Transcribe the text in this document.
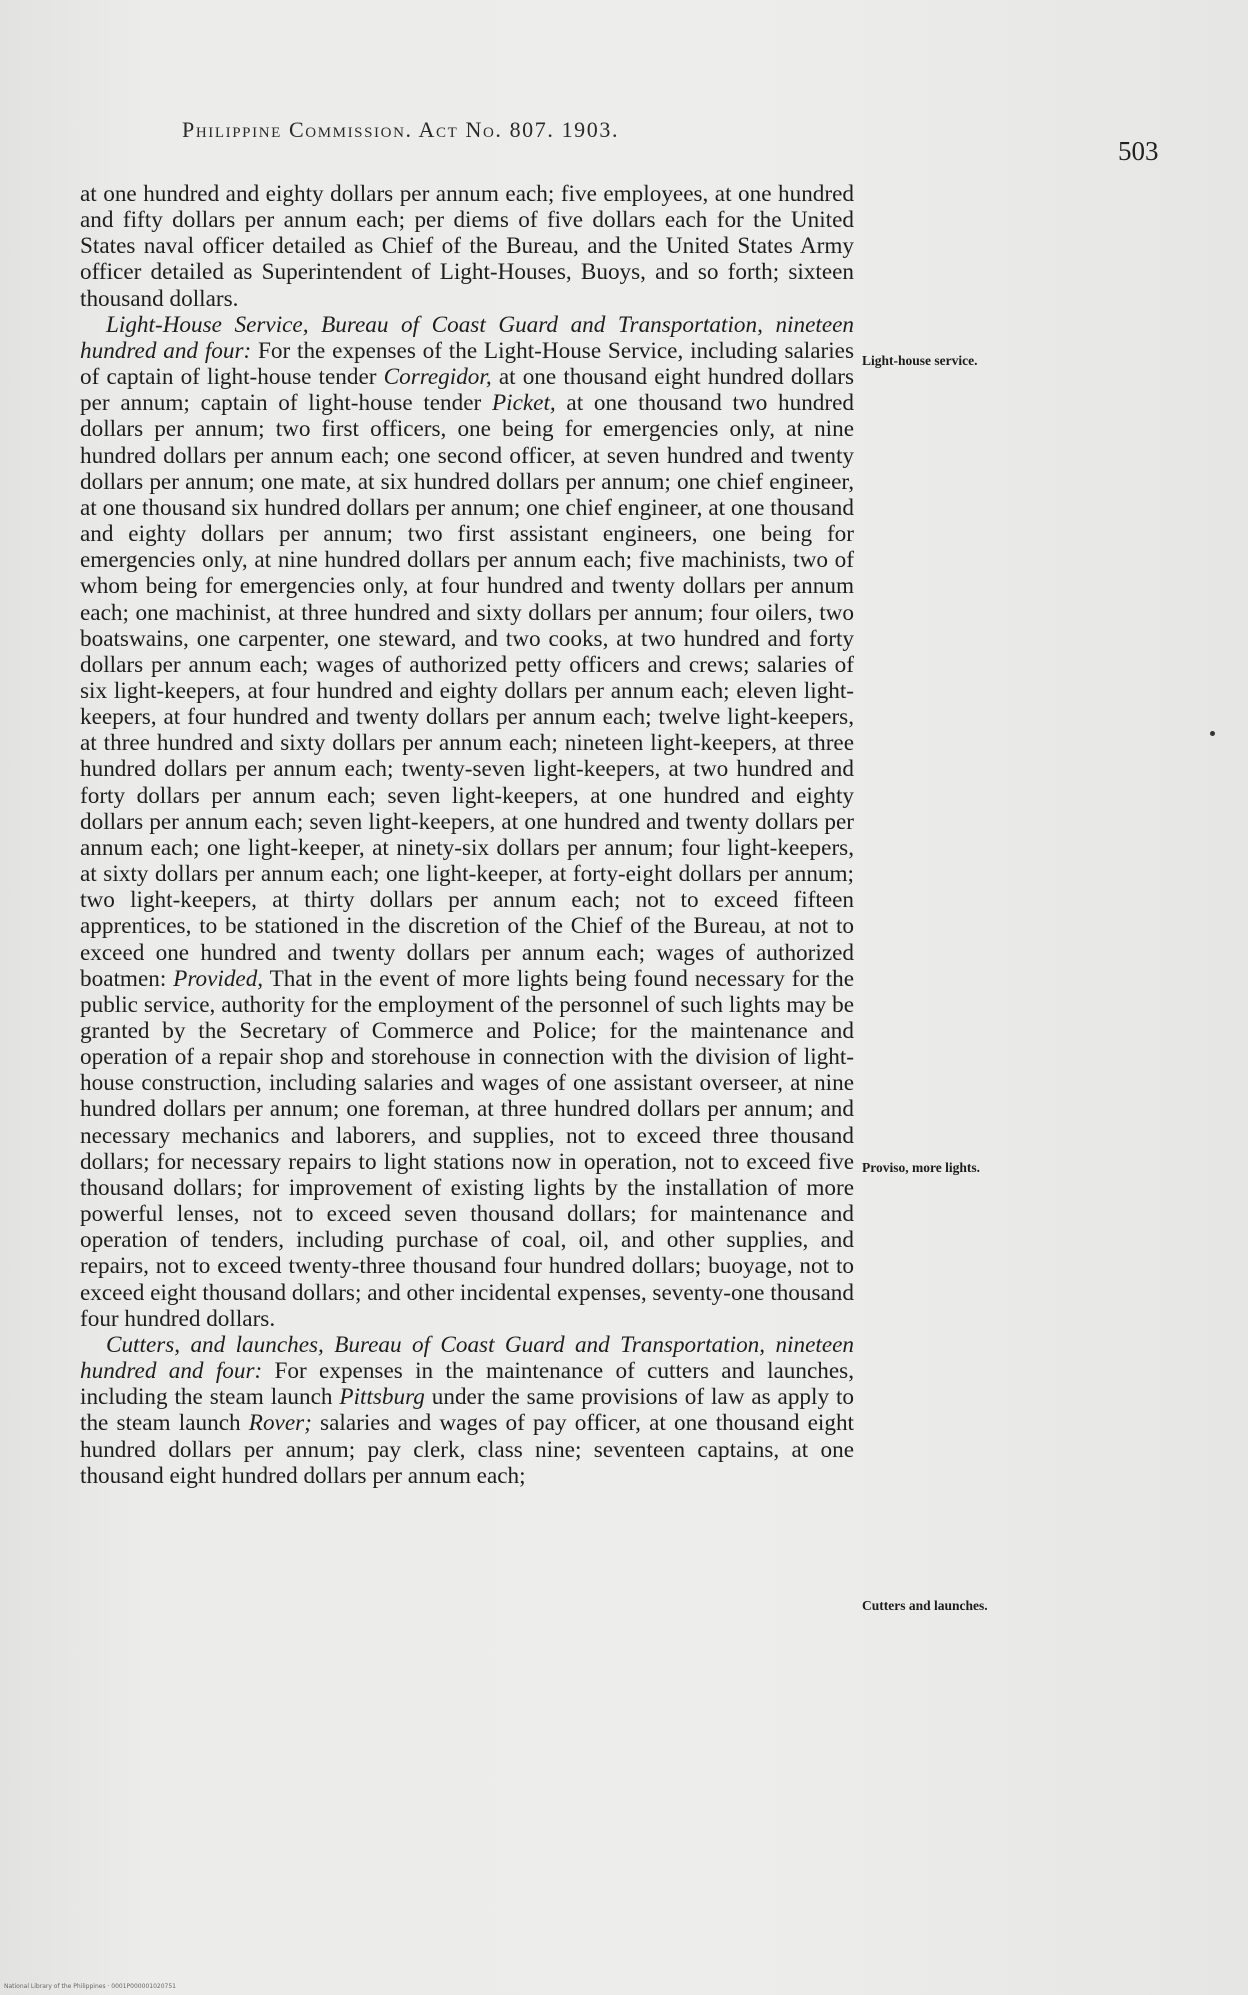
Philippine Commission. Act No. 807. 1903.
503

at one hundred and eighty dollars per annum each; five employees, at one hundred and fifty dollars per annum each; per diems of five dollars each for the United States naval officer detailed as Chief of the Bureau, and the United States Army officer detailed as Superintendent of Light-Houses, Buoys, and so forth; sixteen thousand dollars.

Light-House Service, Bureau of Coast Guard and Transportation, nineteen hundred and four: For the expenses of the Light-House Service, including salaries of captain of light-house tender Corregidor, at one thousand eight hundred dollars per annum; captain of light-house tender Picket, at one thousand two hundred dollars per annum; two first officers, one being for emergencies only, at nine hundred dollars per annum each; one second officer, at seven hundred and twenty dollars per annum; one mate, at six hundred dollars per annum; one chief engineer, at one thousand six hundred dollars per annum; one chief engineer, at one thousand and eighty dollars per annum; two first assistant engineers, one being for emergencies only, at nine hundred dollars per annum each; five machinists, two of whom being for emergencies only, at four hundred and twenty dollars per annum each; one machinist, at three hundred and sixty dollars per annum; four oilers, two boatswains, one carpenter, one steward, and two cooks, at two hundred and forty dollars per annum each; wages of authorized petty officers and crews; salaries of six light-keepers, at four hundred and eighty dollars per annum each; eleven light-keepers, at four hundred and twenty dollars per annum each; twelve light-keepers, at three hundred and sixty dollars per annum each; nineteen light-keepers, at three hundred dollars per annum each; twenty-seven light-keepers, at two hundred and forty dollars per annum each; seven light-keepers, at one hundred and eighty dollars per annum each; seven light-keepers, at one hundred and twenty dollars per annum each; one light-keeper, at ninety-six dollars per annum; four light-keepers, at sixty dollars per annum each; one light-keeper, at forty-eight dollars per annum; two light-keepers, at thirty dollars per annum each; not to exceed fifteen apprentices, to be stationed in the discretion of the Chief of the Bureau, at not to exceed one hundred and twenty dollars per annum each; wages of authorized boatmen: Provided, That in the event of more lights being found necessary for the public service, authority for the employment of the personnel of such lights may be granted by the Secretary of Commerce and Police; for the maintenance and operation of a repair shop and storehouse in connection with the division of light-house construction, including salaries and wages of one assistant overseer, at nine hundred dollars per annum; one foreman, at three hundred dollars per annum; and necessary mechanics and laborers, and supplies, not to exceed three thousand dollars; for necessary repairs to light stations now in operation, not to exceed five thousand dollars; for improvement of existing lights by the installation of more powerful lenses, not to exceed seven thousand dollars; for maintenance and operation of tenders, including purchase of coal, oil, and other supplies, and repairs, not to exceed twenty-three thousand four hundred dollars; buoyage, not to exceed eight thousand dollars; and other incidental expenses, seventy-one thousand four hundred dollars.

Cutters, and launches, Bureau of Coast Guard and Transportation, nineteen hundred and four: For expenses in the maintenance of cutters and launches, including the steam launch Pittsburg under the same provisions of law as apply to the steam launch Rover; salaries and wages of pay officer, at one thousand eight hundred dollars per annum; pay clerk, class nine; seventeen captains, at one thousand eight hundred dollars per annum each;

Light-house service.
Proviso, more lights.
Cutters and launches.
National Library of the Philippines · 0001P000001020751
